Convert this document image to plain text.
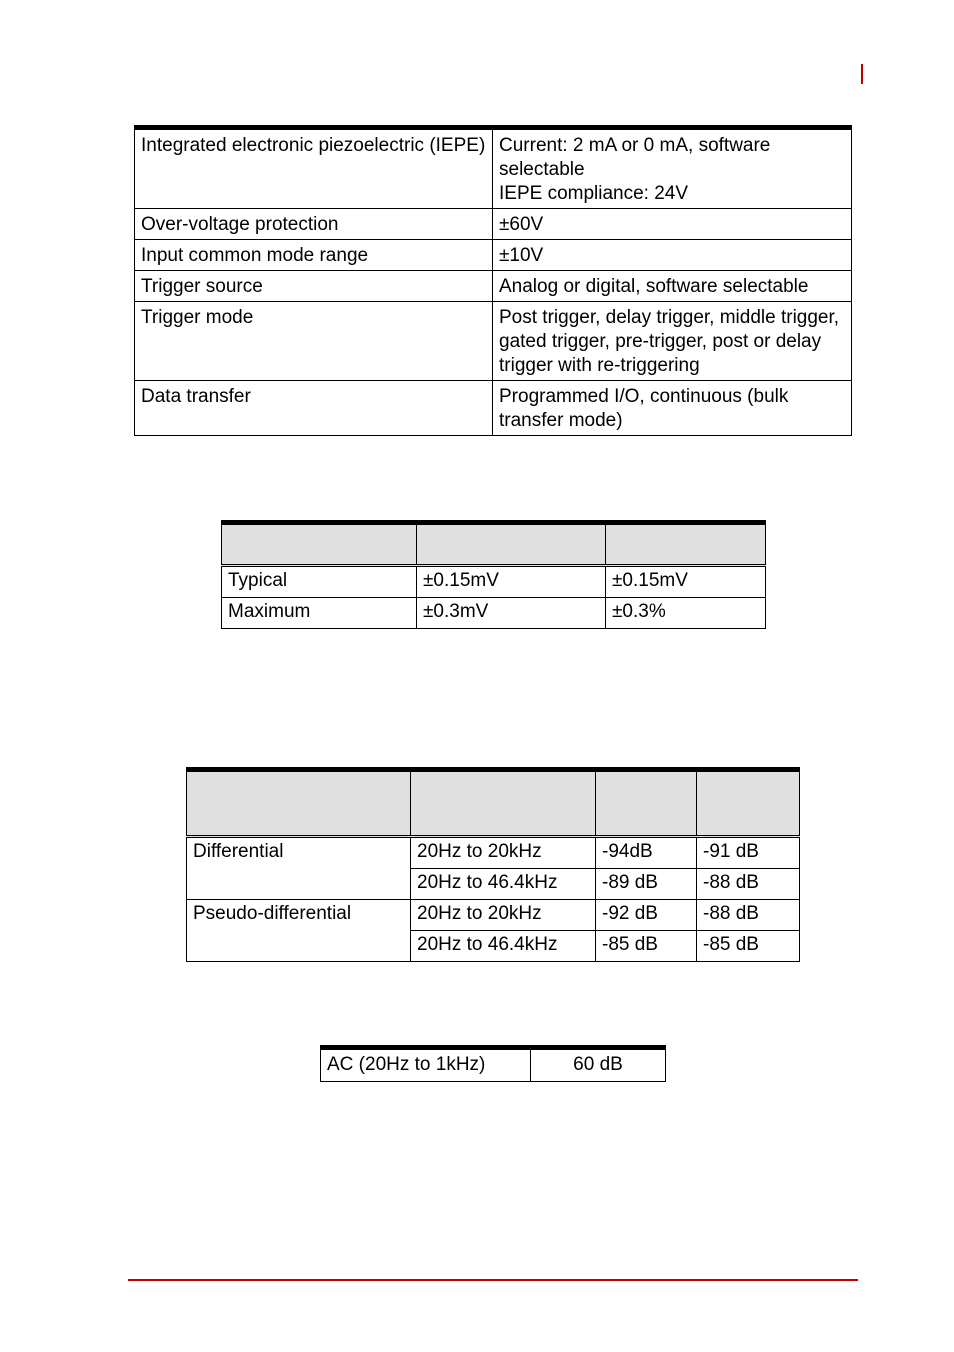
Integrated electronic piezoelectric (IEPE)	Current: 2 mA or 0 mA, software selectable
IEPE compliance: 24V

Over-voltage protection	±60V

Input common mode range	±10V

Trigger source	Analog or digital, software selectable

Trigger mode	Post trigger, delay trigger, middle trigger, gated trigger, pre-trigger, post or delay trigger with re-triggering

Data transfer	Programmed I/O, continuous (bulk transfer mode)

Typical	±0.15mV	±0.15mV
Maximum	±0.3mV	±0.3%

Differential	20Hz to 20kHz	-94dB	-91 dB
	20Hz to 46.4kHz	-89 dB	-88 dB
Pseudo-differential	20Hz to 20kHz	-92 dB	-88 dB
	20Hz to 46.4kHz	-85 dB	-85 dB
AC (20Hz to 1kHz)	60 dB
